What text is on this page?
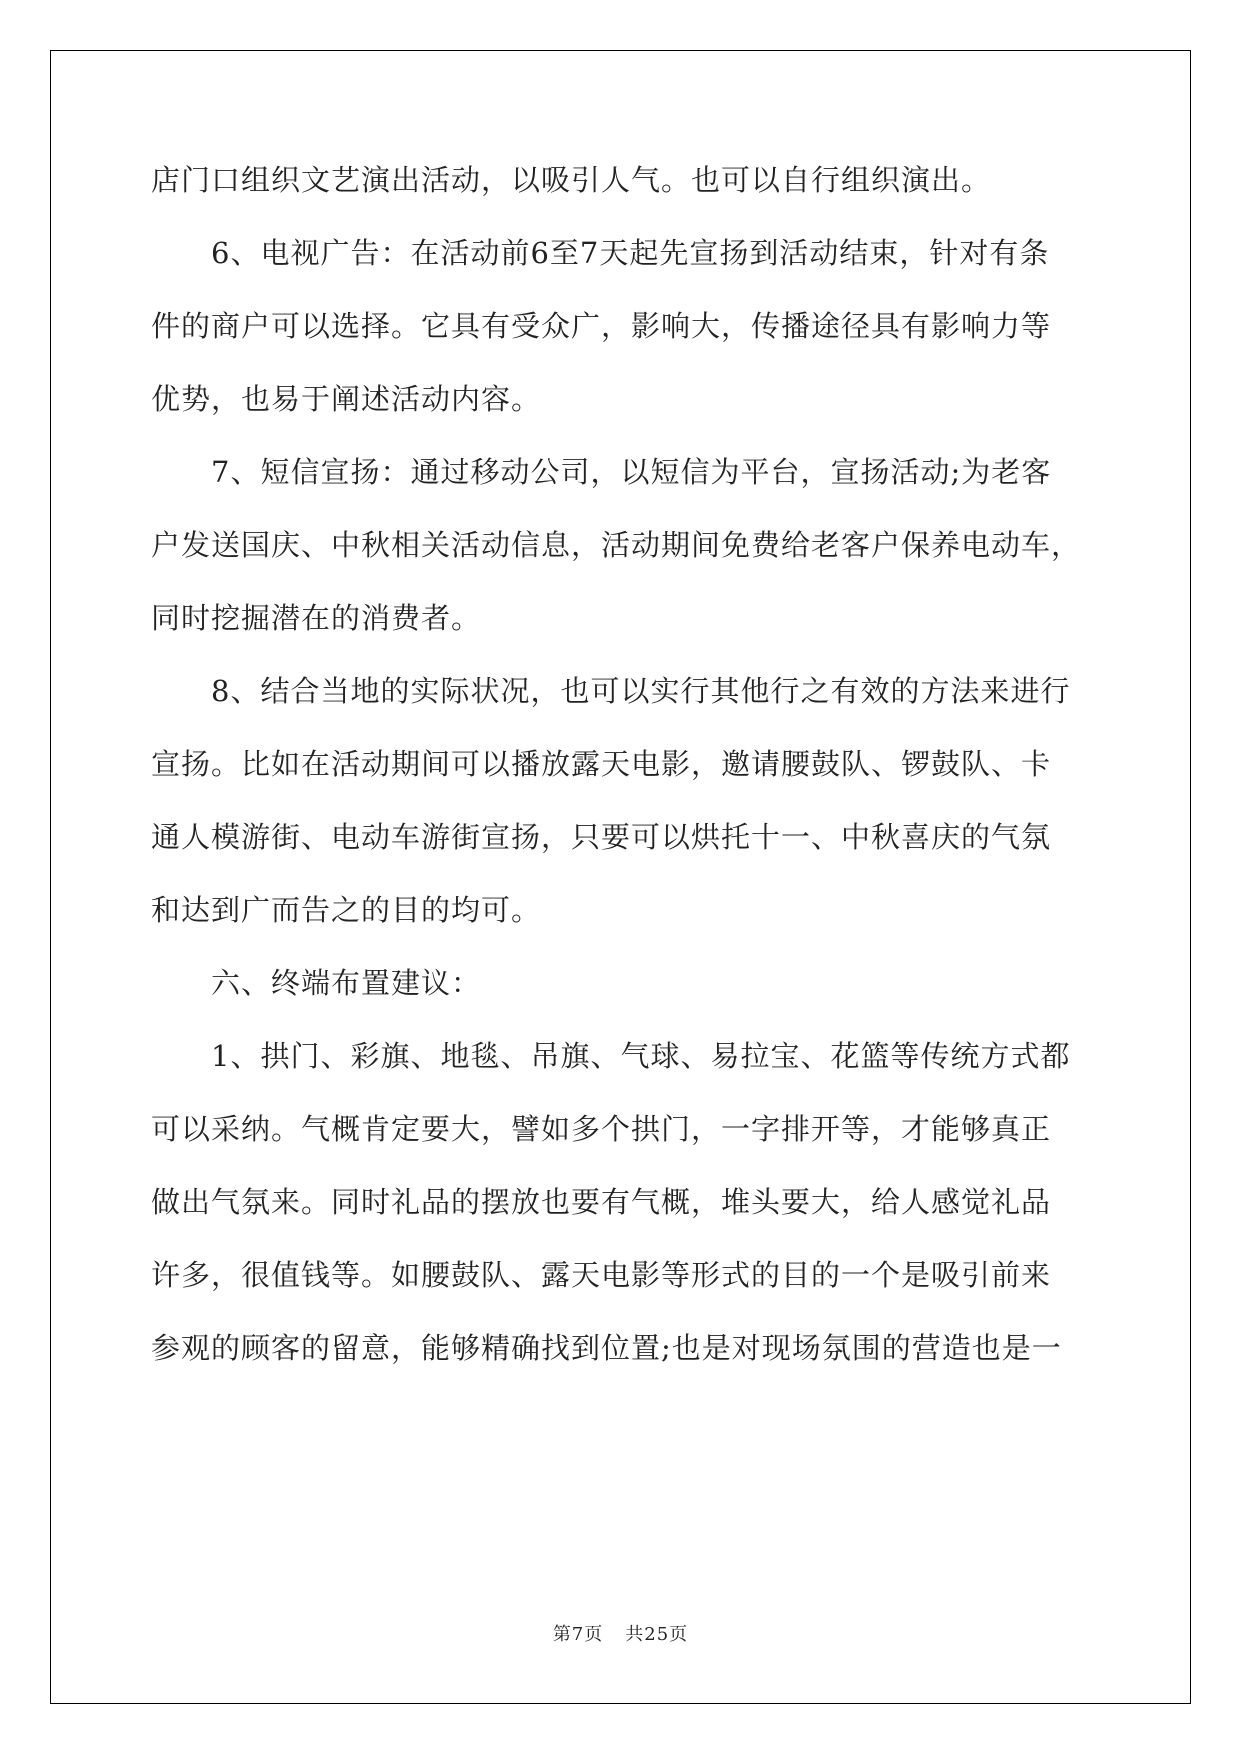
店门口组织文艺演出活动，以吸引人气。也可以自行组织演出。
　　6、电视广告：在活动前6至7天起先宣扬到活动结束，针对有条
件的商户可以选择。它具有受众广，影响大，传播途径具有影响力等
优势，也易于阐述活动内容。
　　7、短信宣扬：通过移动公司，以短信为平台，宣扬活动;为老客
户发送国庆、中秋相关活动信息，活动期间免费给老客户保养电动车，
同时挖掘潜在的消费者。
　　8、结合当地的实际状况，也可以实行其他行之有效的方法来进行
宣扬。比如在活动期间可以播放露天电影，邀请腰鼓队、锣鼓队、卡
通人模游街、电动车游街宣扬，只要可以烘托十一、中秋喜庆的气氛
和达到广而告之的目的均可。
　　六、终端布置建议：
　　1、拱门、彩旗、地毯、吊旗、气球、易拉宝、花篮等传统方式都
可以采纳。气概肯定要大，譬如多个拱门，一字排开等，才能够真正
做出气氛来。同时礼品的摆放也要有气概，堆头要大，给人感觉礼品
许多，很值钱等。如腰鼓队、露天电影等形式的目的一个是吸引前来
参观的顾客的留意，能够精确找到位置;也是对现场氛围的营造也是一
第7页 共25页
